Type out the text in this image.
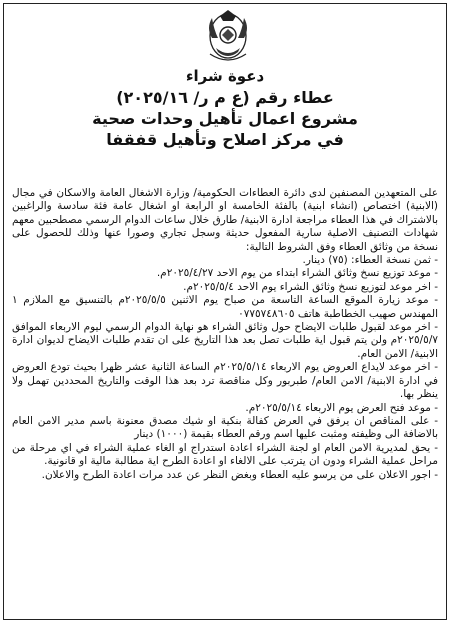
دعوة شراء

عطاء رقم (ع م ر/ ٢٠٢٥/١٦)

مشروع اعمال تأهيل وحدات صحية

في مركز اصلاح وتأهيل قفقفا

على المتعهدين المصنفين لدى دائرة العطاءات الحكومية/ وزارة الاشغال العامة والاسكان في مجال (الابنية) اختصاص (انشاء ابنية) بالفئة الخامسة او الرابعة او اشغال عامة فئة سادسة والراغبين بالاشتراك في هذا العطاء مراجعة ادارة الابنية/ طارق خلال ساعات الدوام الرسمي مصطحبين معهم شهادات التصنيف الاصلية سارية المفعول حديثة وسجل تجاري وصورا عنها وذلك للحصول على نسخة من وثائق العطاء وفق الشروط التالية:

- ثمن نسخة العطاء: (٧٥) دينار.
- موعد توزيع نسخ وثائق الشراء ابتداء من يوم الاحد ٢٠٢٥/٤/٢٧م.
- اخر موعد لتوزيع نسخ وثائق الشراء يوم الاحد ٢٠٢٥/٥/٤م.
- موعد زيارة الموقع الساعة التاسعة من صباح يوم الاثنين ٢٠٢٥/٥/٥م بالتنسيق مع الملازم ١ المهندس صهيب الخطاطبة هاتف ٠٧٧٥٧٤٨٦٠٥
- اخر موعد لقبول طلبات الايضاح حول وثائق الشراء هو نهاية الدوام الرسمي ليوم الاربعاء الموافق ٢٠٢٥/٥/٧م ولن يتم قبول اية طلبات تصل بعد هذا التاريخ على ان تقدم طلبات الايضاح لديوان ادارة الابنية/ الامن العام.
- اخر موعد لايداع العروض يوم الاربعاء ٢٠٢٥/٥/١٤م الساعة الثانية عشر ظهرا بحيث تودع العروض في ادارة الابنية/ الامن العام/ طبربور وكل مناقصة ترد بعد هذا الوقت والتاريخ المحددين تهمل ولا ينظر بها.
- موعد فتح العرض يوم الاربعاء ٢٠٢٥/٥/١٤م.
- على المناقص ان يرفق في العرض كفالة بنكية او شيك مصدق معنونة باسم مدير الامن العام بالاضافة الى وظيفته ومثبت عليها اسم ورقم العطاء بقيمة (١٠٠٠) دينار
- يحق لمديرية الامن العام او لجنة الشراء اعادة استدراج او الغاء عملية الشراء في اي مرحلة من مراحل عملية الشراء ودون ان يترتب على الالغاء او اعادة الطرح اية مطالبة مالية او قانونية.
- اجور الاعلان على من يرسو عليه العطاء وبغض النظر عن عدد مرات اعادة الطرح والاعلان.
